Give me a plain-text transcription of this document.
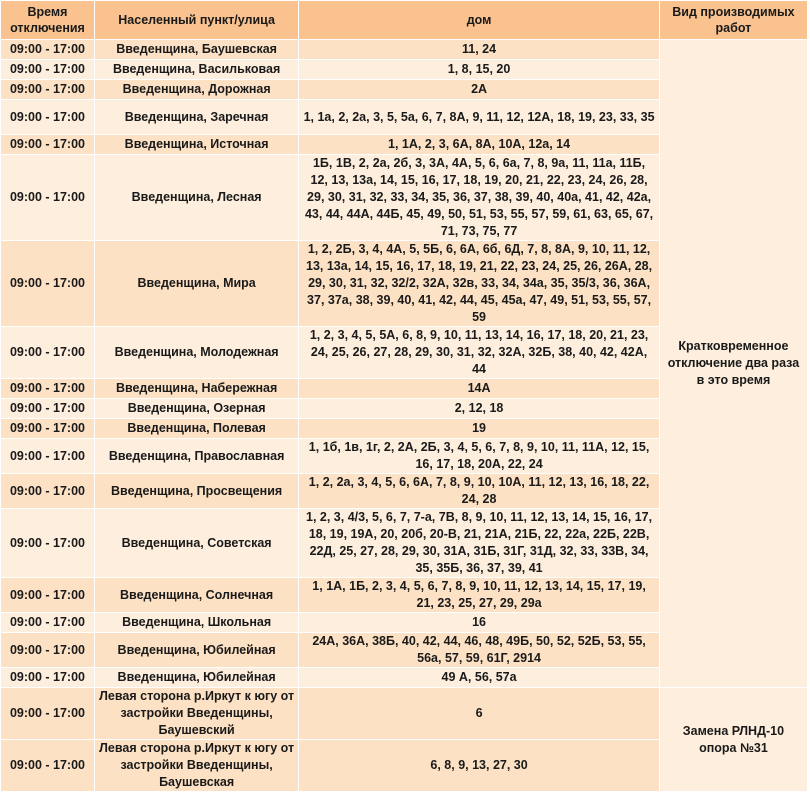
Время отключения	Населенный пункт/улица	дом	Вид производимых работ
09:00 - 17:00	Введенщина, Баушевская	11, 24	Кратковременное отключение два раза в это время
09:00 - 17:00	Введенщина, Васильковая	1, 8, 15, 20	
09:00 - 17:00	Введенщина, Дорожная	2А	
09:00 - 17:00	Введенщина, Заречная	1, 1а, 2, 2а, 3, 5, 5а, 6, 7, 8А, 9, 11, 12, 12А, 18, 19, 23, 33, 35	
09:00 - 17:00	Введенщина, Источная	1, 1А, 2, 3, 6А, 8А, 10А, 12а, 14	
09:00 - 17:00	Введенщина, Лесная	1Б, 1В, 2, 2а, 2б, 3, 3А, 4А, 5, 6, 6а, 7, 8, 9а, 11, 11а, 11Б, 12, 13, 13а, 14, 15, 16, 17, 18, 19, 20, 21, 22, 23, 24, 26, 28, 29, 30, 31, 32, 33, 34, 35, 36, 37, 38, 39, 40, 40а, 41, 42, 42а, 43, 44, 44А, 44Б, 45, 49, 50, 51, 53, 55, 57, 59, 61, 63, 65, 67, 71, 73, 75, 77	
09:00 - 17:00	Введенщина, Мира	1, 2, 2Б, 3, 4, 4А, 5, 5Б, 6, 6А, 6б, 6Д, 7, 8, 8А, 9, 10, 11, 12, 13, 13а, 14, 15, 16, 17, 18, 19, 21, 22, 23, 24, 25, 26, 26А, 28, 29, 30, 31, 32, 32/2, 32А, 32в, 33, 34, 34а, 35, 35/3, 36, 36А, 37, 37а, 38, 39, 40, 41, 42, 44, 45, 45а, 47, 49, 51, 53, 55, 57, 59	
09:00 - 17:00	Введенщина, Молодежная	1, 2, 3, 4, 5, 5А, 6, 8, 9, 10, 11, 13, 14, 16, 17, 18, 20, 21, 23, 24, 25, 26, 27, 28, 29, 30, 31, 32, 32А, 32Б, 38, 40, 42, 42А, 44	
09:00 - 17:00	Введенщина, Набережная	14А	
09:00 - 17:00	Введенщина, Озерная	2, 12, 18	
09:00 - 17:00	Введенщина, Полевая	19	
09:00 - 17:00	Введенщина, Православная	1, 1б, 1в, 1г, 2, 2А, 2Б, 3, 4, 5, 6, 7, 8, 9, 10, 11, 11А, 12, 15, 16, 17, 18, 20А, 22, 24	
09:00 - 17:00	Введенщина, Просвещения	1, 2, 2а, 3, 4, 5, 6, 6А, 7, 8, 9, 10, 10А, 11, 12, 13, 16, 18, 22, 24, 28	
09:00 - 17:00	Введенщина, Советская	1, 2, 3, 4/3, 5, 6, 7, 7-а, 7В, 8, 9, 10, 11, 12, 13, 14, 15, 16, 17, 18, 19, 19А, 20, 20б, 20-В, 21, 21А, 21Б, 22, 22а, 22Б, 22В, 22Д, 25, 27, 28, 29, 30, 31А, 31Б, 31Г, 31Д, 32, 33, 33В, 34, 35, 35Б, 36, 37, 39, 41	
09:00 - 17:00	Введенщина, Солнечная	1, 1А, 1Б, 2, 3, 4, 5, 6, 7, 8, 9, 10, 11, 12, 13, 14, 15, 17, 19, 21, 23, 25, 27, 29, 29а	
09:00 - 17:00	Введенщина, Школьная	16	
09:00 - 17:00	Введенщина, Юбилейная	24А, 36А, 38Б, 40, 42, 44, 46, 48, 49Б, 50, 52, 52Б, 53, 55, 56а, 57, 59, 61Г, 2914	
09:00 - 17:00	Введенщина, Юбилейная	49 А, 56, 57а	
09:00 - 17:00	Левая сторона р.Иркут к югу от застройки Введенщины, Баушевский	6	Замена РЛНД-10 опора №31
09:00 - 17:00	Левая сторона р.Иркут к югу от застройки Введенщины, Баушевская	6, 8, 9, 13, 27, 30	
